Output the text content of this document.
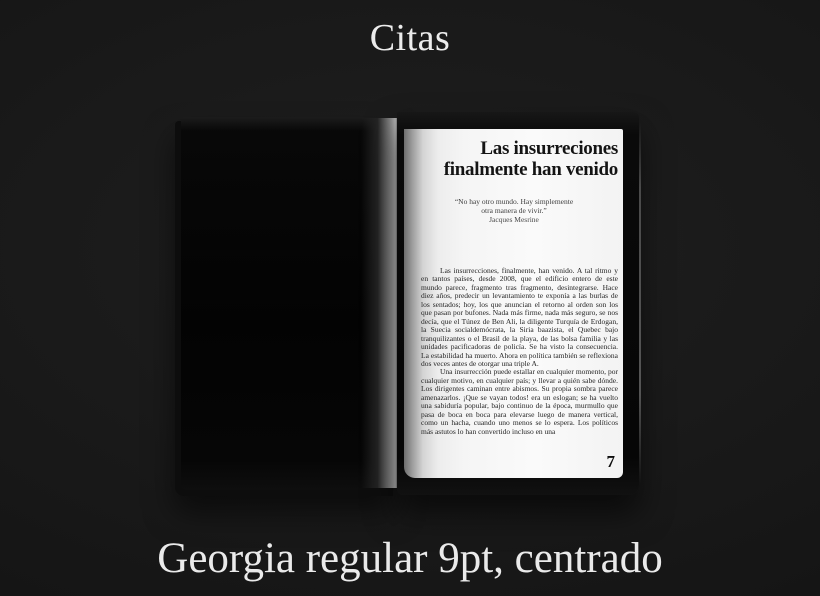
Citas
Las insurreciones
finalmente han venido
“No hay otro mundo. Hay simplemente
otra manera de vivir.”
Jacques Mesrine

Las insurrecciones, finalmente, han venido. A tal ritmo y en tantos países, desde 2008, que el edificio entero de este mundo parece, fragmento tras fragmento, desintegrarse. Hace diez años, predecir un levantamiento te exponía a las burlas de los sentados; hoy, los que anuncian el retorno al orden son los que pasan por bufones. Nada más firme, nada más seguro, se nos decía, que el Túnez de Ben Ali, la diligente Turquía de Erdogan, la Suecia socialdemócrata, la Siria baazista, el Quebec bajo tranquilizantes o el Brasil de la playa, de las bolsa familia y las unidades pacificadoras de policía. Se ha visto la consecuencia. La estabilidad ha muerto. Ahora en política también se reflexiona dos veces antes de otorgar una triple A.

Una insurrección puede estallar en cualquier momento, por cualquier motivo, en cualquier país; y llevar a quién sabe dónde. Los dirigentes caminan entre abismos. Su propia sombra parece amenazarlos. ¡Que se vayan todos! era un eslogan; se ha vuelto una sabiduría popular, bajo continuo de la época, murmullo que pasa de boca en boca para elevarse luego de manera vertical, como un hacha, cuando uno menos se lo espera. Los políticos más astutos lo han convertido incluso en una

7
Georgia regular 9pt, centrado
